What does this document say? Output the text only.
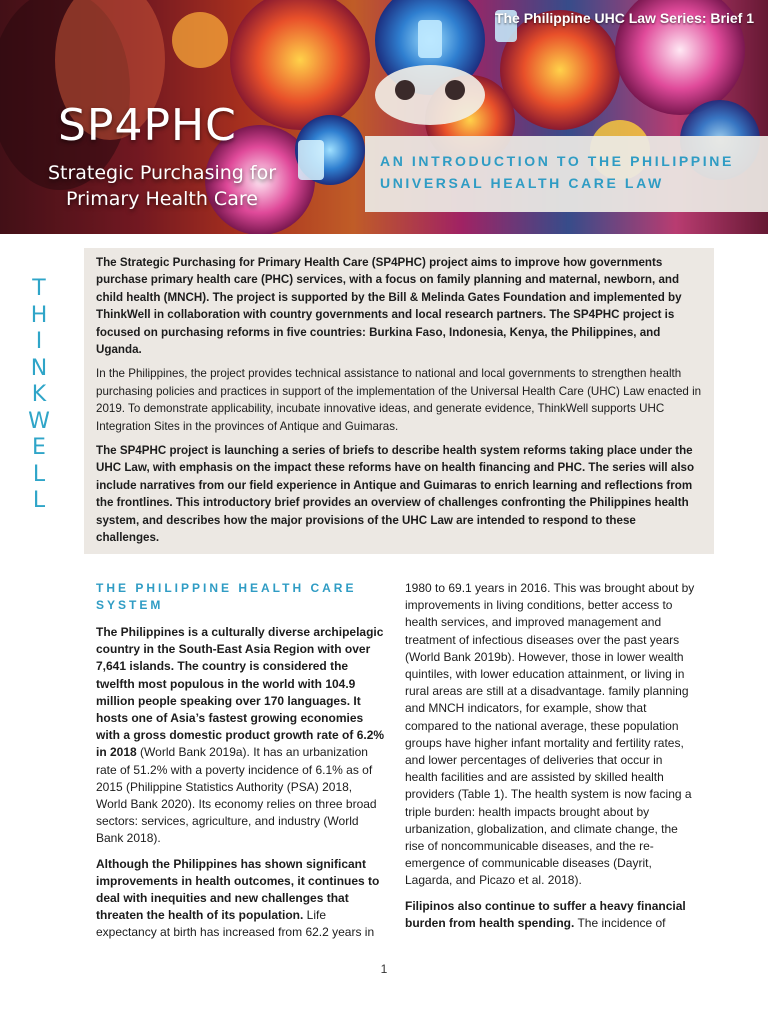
The Philippine UHC Law Series: Brief 1

SP4PHC

Strategic Purchasing for
Primary Health Care

AN INTRODUCTION TO THE PHILIPPINE
UNIVERSAL HEALTH CARE LAW
T
H
I
N
K
W
E
L
L

The Strategic Purchasing for Primary Health Care (SP4PHC) project aims to improve how governments purchase primary health care (PHC) services, with a focus on family planning and maternal, newborn, and child health (MNCH). The project is supported by the Bill & Melinda Gates Foundation and implemented by ThinkWell in collaboration with country governments and local research partners. The SP4PHC project is focused on purchasing reforms in five countries: Burkina Faso, Indonesia, Kenya, the Philippines, and Uganda.

In the Philippines, the project provides technical assistance to national and local governments to strengthen health purchasing policies and practices in support of the implementation of the Universal Health Care (UHC) Law enacted in 2019. To demonstrate applicability, incubate innovative ideas, and generate evidence, ThinkWell supports UHC Integration Sites in the provinces of Antique and Guimaras.

The SP4PHC project is launching a series of briefs to describe health system reforms taking place under the UHC Law, with emphasis on the impact these reforms have on health financing and PHC. The series will also include narratives from our field experience in Antique and Guimaras to enrich learning and reflections from the frontlines. This introductory brief provides an overview of challenges confronting the Philippines health system, and describes how the major provisions of the UHC Law are intended to respond to these challenges.

THE PHILIPPINE HEALTH CARE SYSTEM

The Philippines is a culturally diverse archipelagic country in the South-East Asia Region with over 7,641 islands. The country is considered the twelfth most populous in the world with 104.9 million people speaking over 170 languages. It hosts one of Asia’s fastest growing economies with a gross domestic product growth rate of 6.2% in 2018 (World Bank 2019a). It has an urbanization rate of 51.2% with a poverty incidence of 6.1% as of 2015 (Philippine Statistics Authority (PSA) 2018, World Bank 2020). Its economy relies on three broad sectors: services, agriculture, and industry (World Bank 2018).

Although the Philippines has shown significant improvements in health outcomes, it continues to deal with inequities and new challenges that threaten the health of its population. Life expectancy at birth has increased from 62.2 years in

1980 to 69.1 years in 2016. This was brought about by improvements in living conditions, better access to health services, and improved management and treatment of infectious diseases over the past years (World Bank 2019b). However, those in lower wealth quintiles, with lower education attainment, or living in rural areas are still at a disadvantage. family planning and MNCH indicators, for example, show that compared to the national average, these population groups have higher infant mortality and fertility rates, and lower percentages of deliveries that occur in health facilities and are assisted by skilled health providers (Table 1). The health system is now facing a triple burden: health impacts brought about by urbanization, globalization, and climate change, the rise of noncommunicable diseases, and the re-emergence of communicable diseases (Dayrit, Lagarda, and Picazo et al. 2018).

Filipinos also continue to suffer a heavy financial burden from health spending. The incidence of

1
